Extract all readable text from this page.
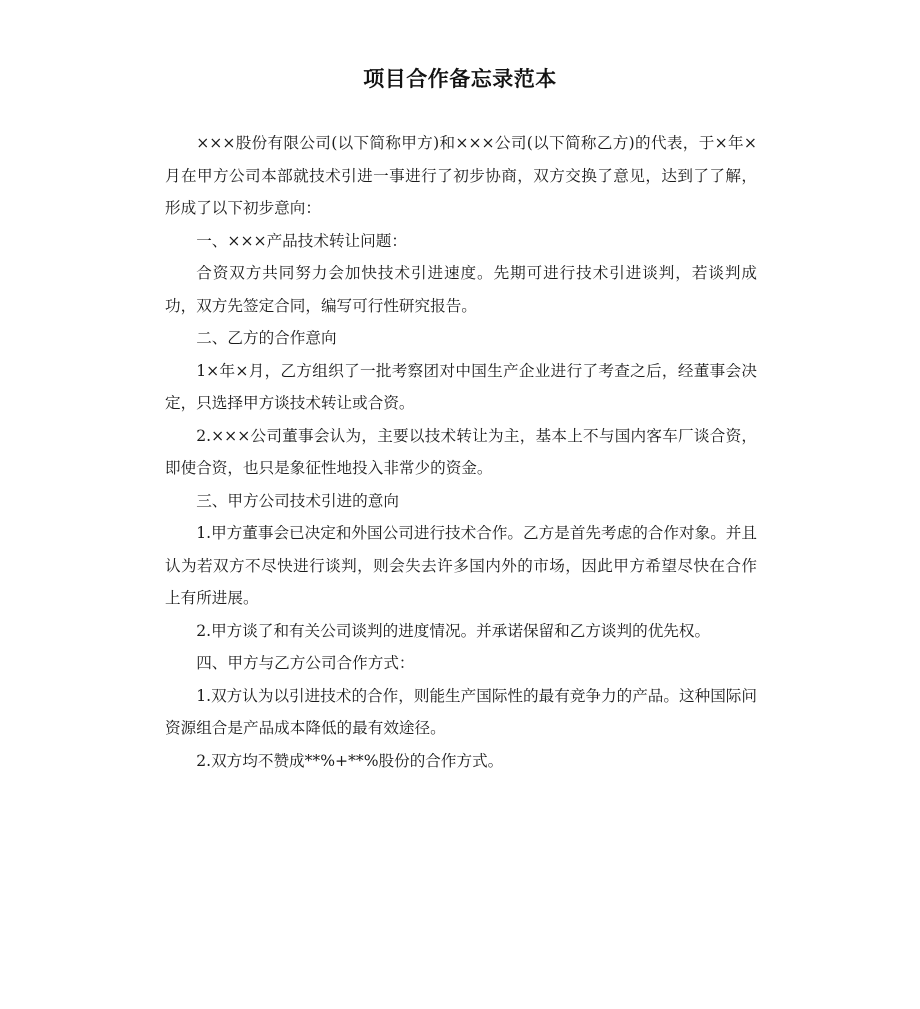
项目合作备忘录范本

×××股份有限公司(以下简称甲方)和×××公司(以下简称乙方)的代表，于×年×月在甲方公司本部就技术引进一事进行了初步协商，双方交换了意见，达到了了解，形成了以下初步意向：

一、×××产品技术转让问题：

合资双方共同努力会加快技术引进速度。先期可进行技术引进谈判，若谈判成功，双方先签定合同，编写可行性研究报告。

二、乙方的合作意向

1×年×月，乙方组织了一批考察团对中国生产企业进行了考查之后，经董事会决定，只选择甲方谈技术转让或合资。

2.×××公司董事会认为，主要以技术转让为主，基本上不与国内客车厂谈合资，即使合资，也只是象征性地投入非常少的资金。

三、甲方公司技术引进的意向

1.甲方董事会已决定和外国公司进行技术合作。乙方是首先考虑的合作对象。并且认为若双方不尽快进行谈判，则会失去许多国内外的市场，因此甲方希望尽快在合作上有所进展。

2.甲方谈了和有关公司谈判的进度情况。并承诺保留和乙方谈判的优先权。

四、甲方与乙方公司合作方式：

1.双方认为以引进技术的合作，则能生产国际性的最有竞争力的产品。这种国际问资源组合是产品成本降低的最有效途径。

2.双方均不赞成**%+**%股份的合作方式。
